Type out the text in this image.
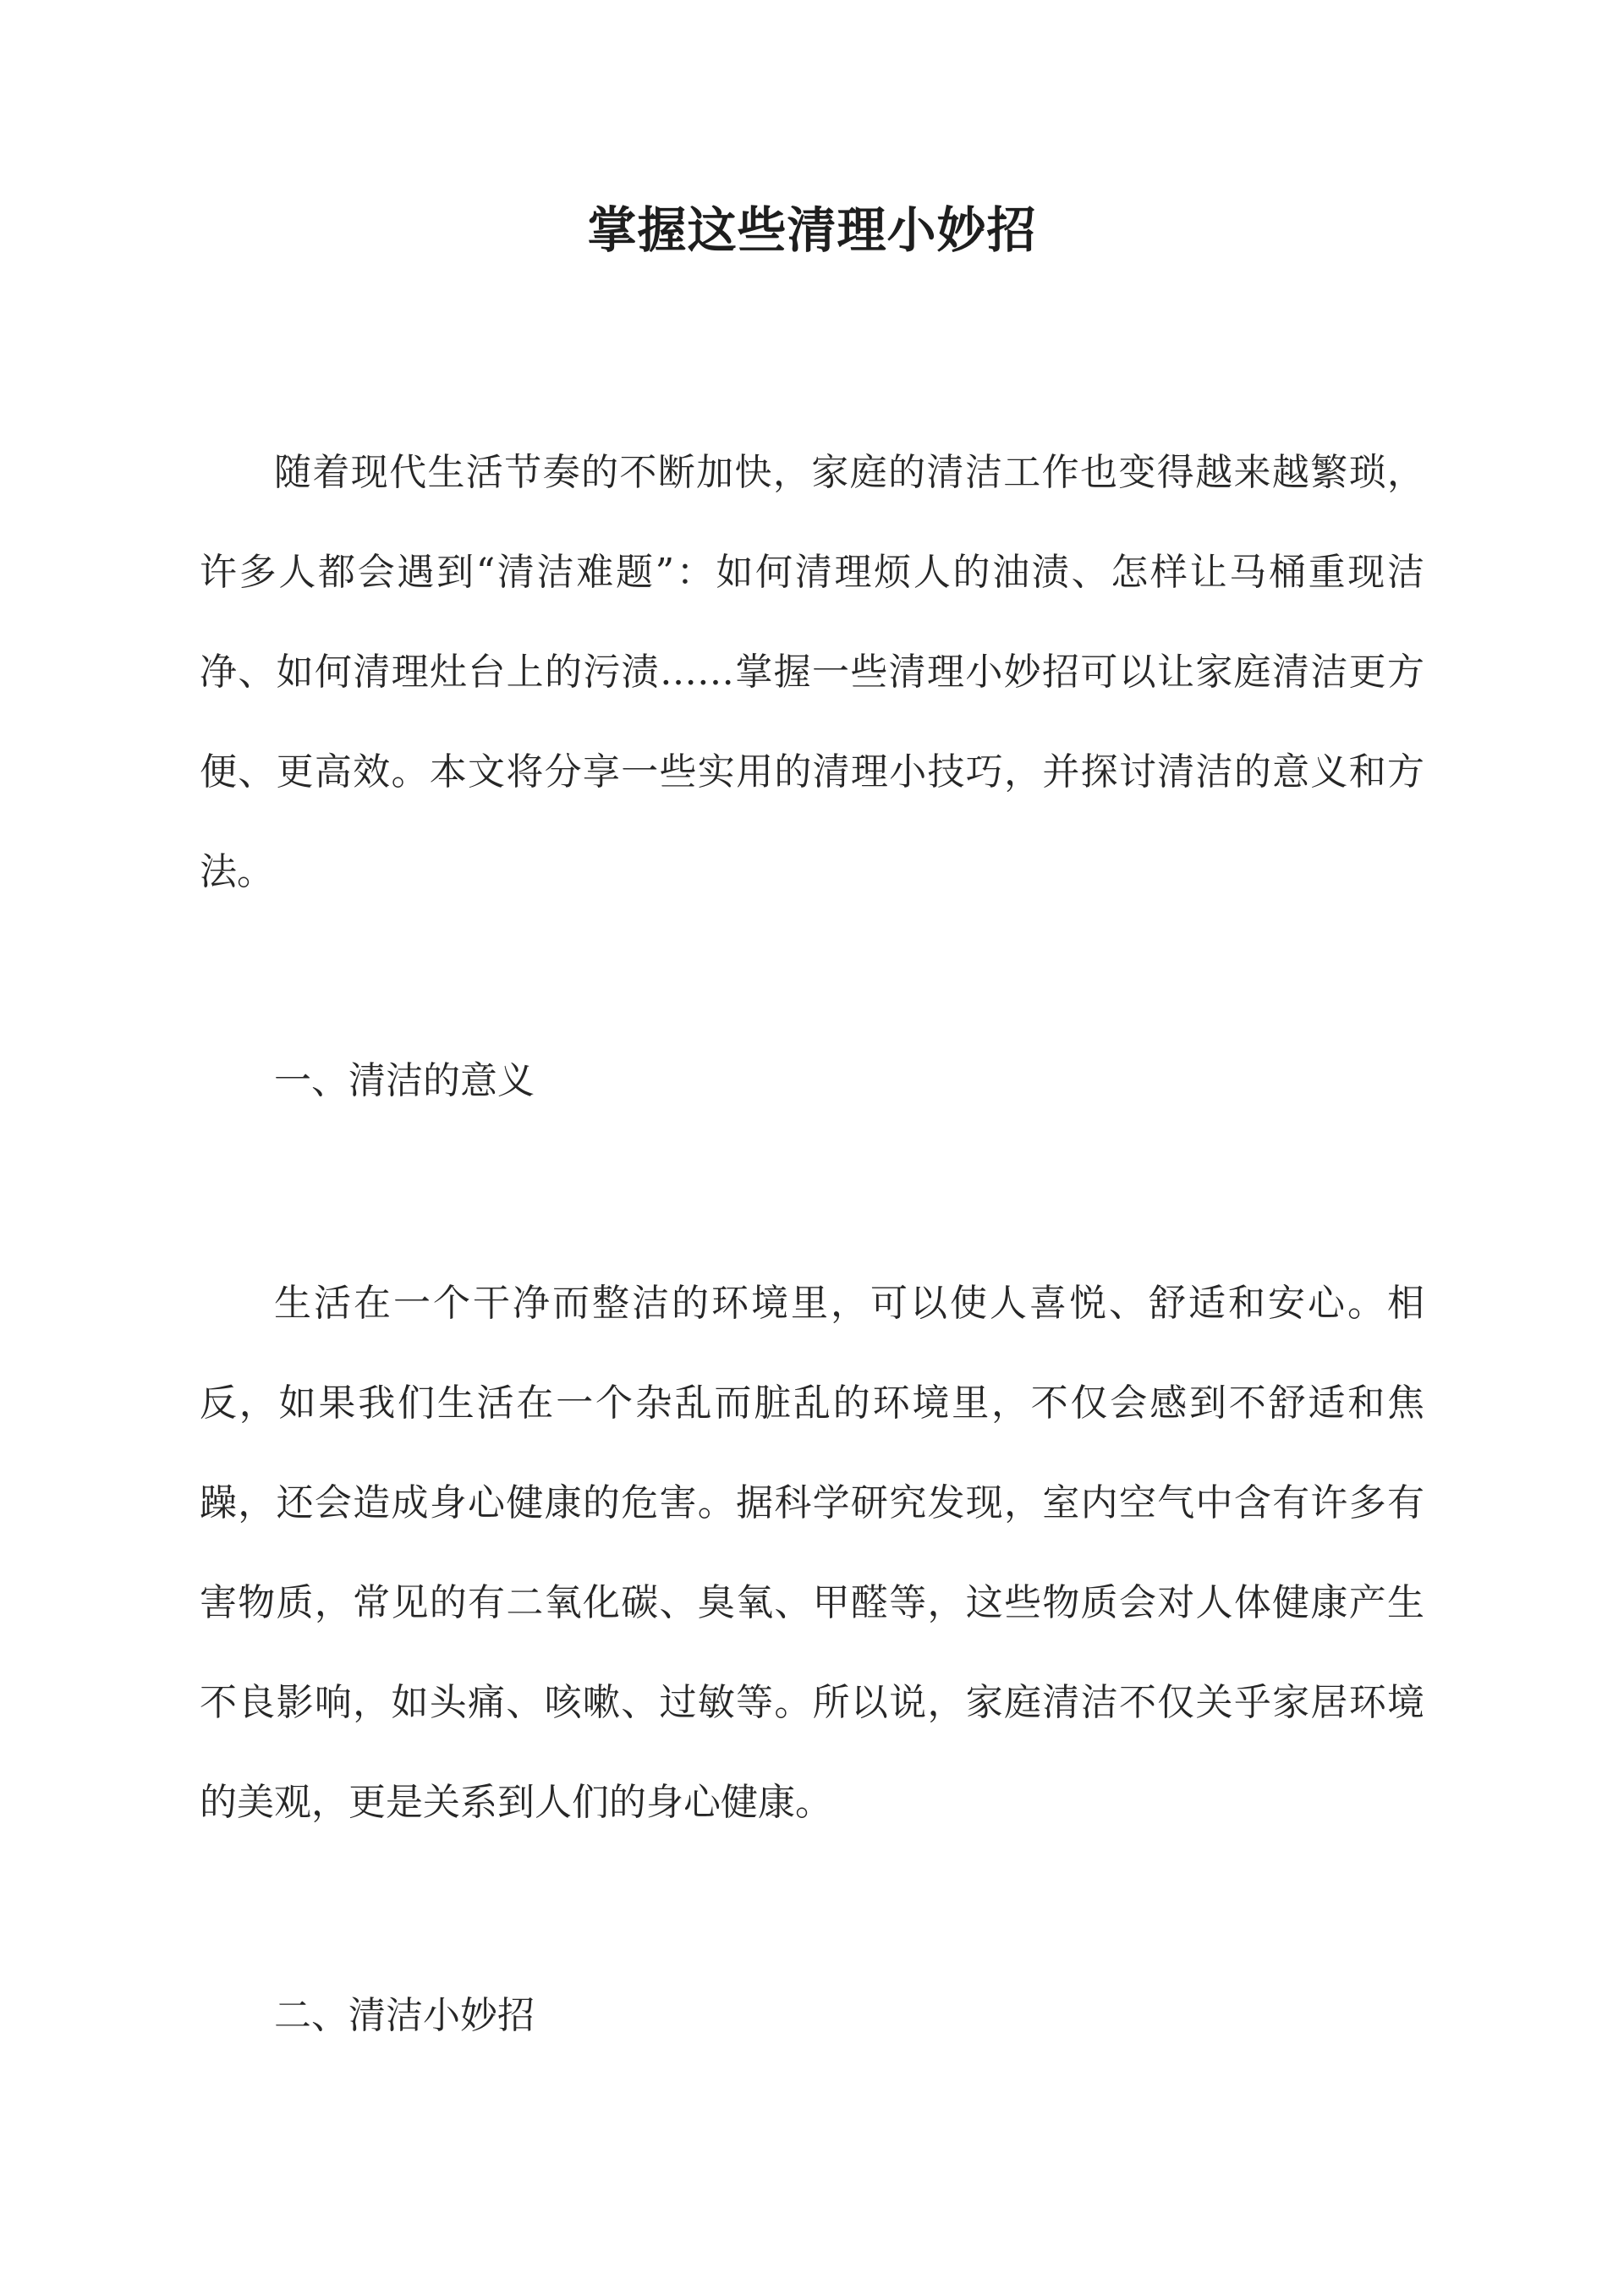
掌握这些清理小妙招

随着现代生活节奏的不断加快，家庭的清洁工作也变得越来越繁琐，许多人都会遇到“清洁难题”：如何清理烦人的油渍、怎样让马桶重现洁净、如何清理灶台上的污渍……掌握一些清理小妙招可以让家庭清洁更方便、更高效。本文将分享一些实用的清理小技巧，并探讨清洁的意义和方法。

一、清洁的意义

生活在一个干净而整洁的环境里，可以使人喜悦、舒适和安心。相反，如果我们生活在一个杂乱而脏乱的环境里，不仅会感到不舒适和焦躁，还会造成身心健康的危害。据科学研究发现，室内空气中含有许多有害物质，常见的有二氧化碳、臭氧、甲醛等，这些物质会对人体健康产生不良影响，如头痛、咳嗽、过敏等。所以说，家庭清洁不仅关乎家居环境的美观，更是关系到人们的身心健康。

二、清洁小妙招
